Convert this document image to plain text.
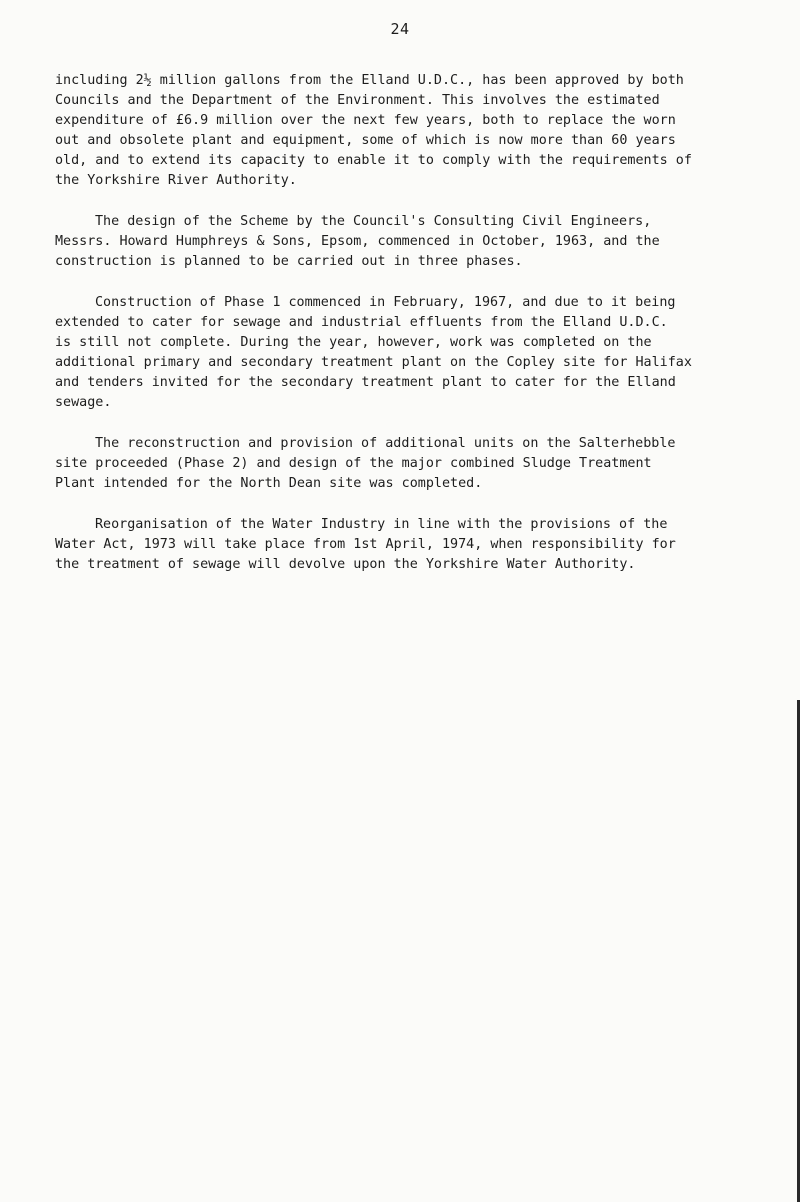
24
including 2½ million gallons from the Elland U.D.C., has been approved by both
Councils and the Department of the Environment. This involves the estimated
expenditure of £6.9 million over the next few years, both to replace the worn
out and obsolete plant and equipment, some of which is now more than 60 years
old, and to extend its capacity to enable it to comply with the requirements of
the Yorkshire River Authority.
The design of the Scheme by the Council's Consulting Civil Engineers,
Messrs. Howard Humphreys & Sons, Epsom, commenced in October, 1963, and the
construction is planned to be carried out in three phases.
Construction of Phase 1 commenced in February, 1967, and due to it being
extended to cater for sewage and industrial effluents from the Elland U.D.C.
is still not complete. During the year, however, work was completed on the
additional primary and secondary treatment plant on the Copley site for Halifax
and tenders invited for the secondary treatment plant to cater for the Elland
sewage.
The reconstruction and provision of additional units on the Salterhebble
site proceeded (Phase 2) and design of the major combined Sludge Treatment
Plant intended for the North Dean site was completed.
Reorganisation of the Water Industry in line with the provisions of the
Water Act, 1973 will take place from 1st April, 1974, when responsibility for
the treatment of sewage will devolve upon the Yorkshire Water Authority.
